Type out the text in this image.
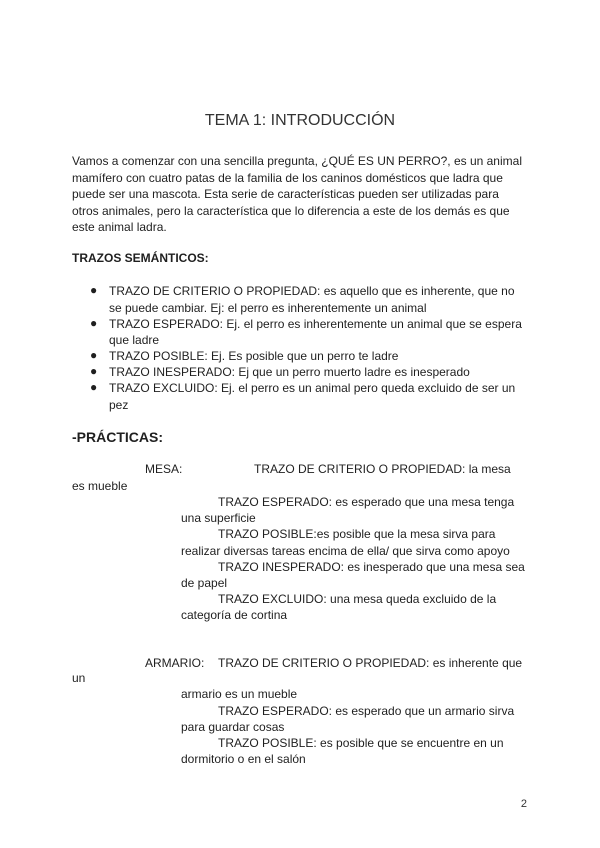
TEMA 1: INTRODUCCIÓN
Vamos a comenzar con una sencilla pregunta, ¿QUÉ ES UN PERRO?, es un animal
mamífero con cuatro patas de la familia de los caninos domésticos que ladra que
puede ser una mascota. Esta serie de características pueden ser utilizadas para
otros animales, pero la característica que lo diferencia a este de los demás es que
este animal ladra.
TRAZOS SEMÁNTICOS:
● TRAZO DE CRITERIO O PROPIEDAD: es aquello que es inherente, que no
se puede cambiar. Ej: el perro es inherentemente un animal
● TRAZO ESPERADO: Ej. el perro es inherentemente un animal que se espera
que ladre
● TRAZO POSIBLE: Ej. Es posible que un perro te ladre
● TRAZO INESPERADO: Ej que un perro muerto ladre es inesperado
● TRAZO EXCLUIDO: Ej. el perro es un animal pero queda excluido de ser un
pez
-PRÁCTICAS:
MESA:	TRAZO DE CRITERIO O PROPIEDAD: la mesa
es mueble
TRAZO ESPERADO: es esperado que una mesa tenga
una superficie
TRAZO POSIBLE:es posible que la mesa sirva para
realizar diversas tareas encima de ella/ que sirva como apoyo
TRAZO INESPERADO: es inesperado que una mesa sea
de papel
TRAZO EXCLUIDO: una mesa queda excluido de la
categoría de cortina
ARMARIO: TRAZO DE CRITERIO O PROPIEDAD: es inherente que
un
armario es un mueble
TRAZO ESPERADO: es esperado que un armario sirva
para guardar cosas
TRAZO POSIBLE: es posible que se encuentre en un
dormitorio o en el salón
2
